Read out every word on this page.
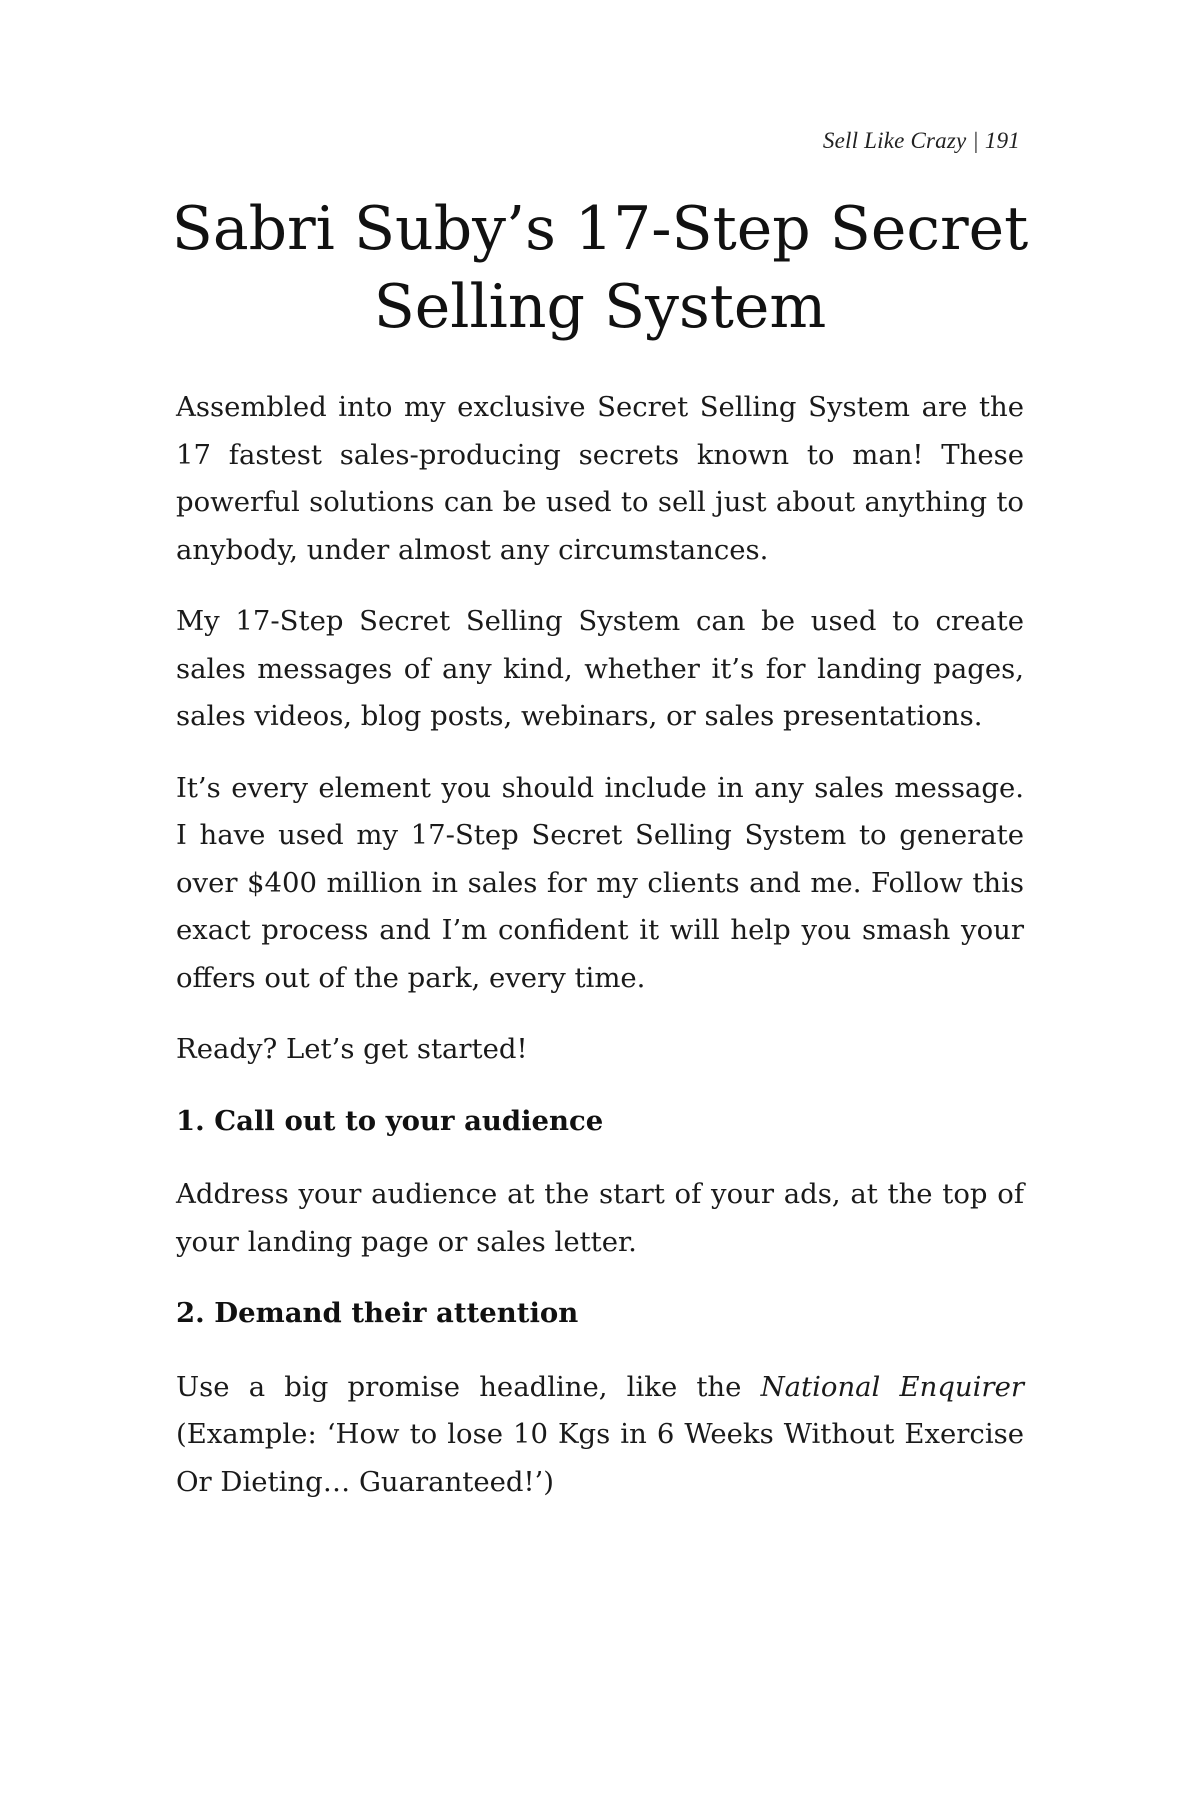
Sell Like Crazy | 191
Sabri Suby’s 17-Step Secret
Selling System

Assembled into my exclusive Secret Selling System are the 17 fastest sales-producing secrets known to man! These powerful solutions can be used to sell just about anything to anybody, under almost any circumstances.

My 17-Step Secret Selling System can be used to create sales messages of any kind, whether it’s for landing pages, sales videos, blog posts, webinars, or sales presentations.

It’s every element you should include in any sales message. I have used my 17-Step Secret Selling System to generate over $400 million in sales for my clients and me. Follow this exact process and I’m confident it will help you smash your offers out of the park, every time.

Ready? Let’s get started!

1. Call out to your audience

Address your audience at the start of your ads, at the top of your landing page or sales letter.

2. Demand their attention

Use a big promise headline, like the National Enquirer (Example: ‘How to lose 10 Kgs in 6 Weeks Without Exercise Or Dieting… Guaranteed!’)
